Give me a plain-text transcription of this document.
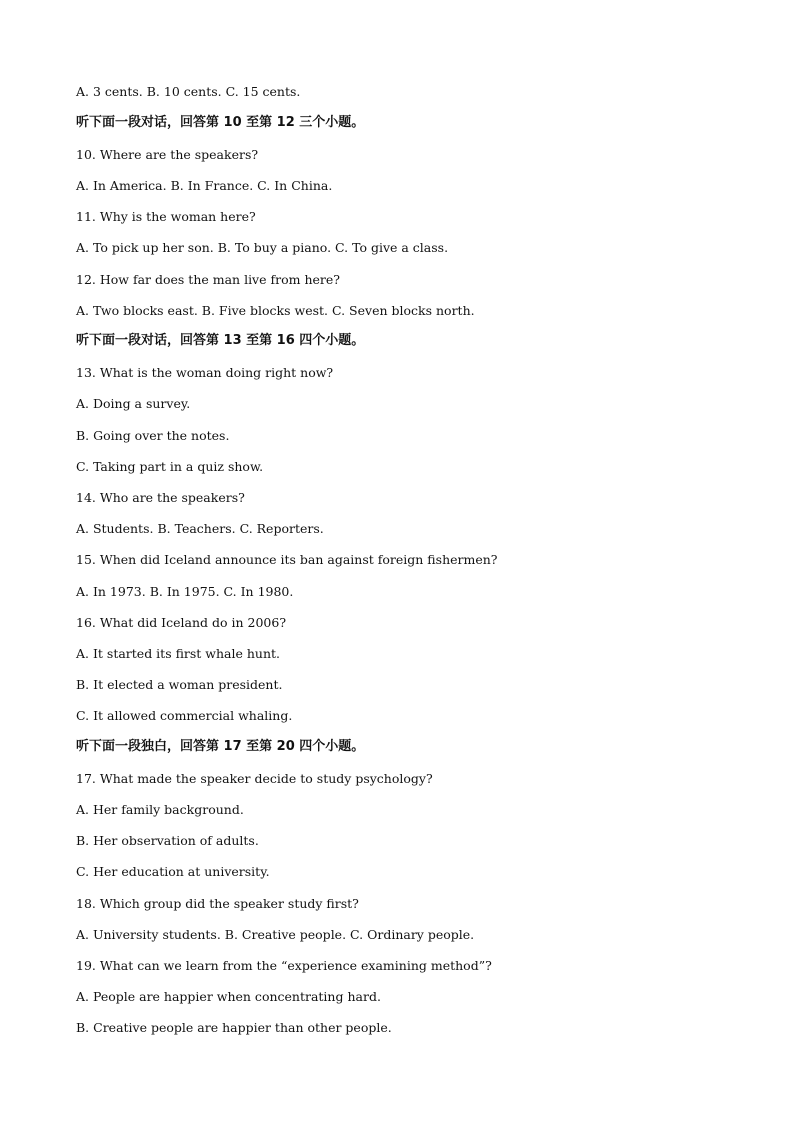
A. 3 cents. B. 10 cents. C. 15 cents.
听下面一段对话，回答第 10 至第 12 三个小题。
10. Where are the speakers?
A. In America. B. In France. C. In China.
11. Why is the woman here?
A. To pick up her son. B. To buy a piano. C. To give a class.
12. How far does the man live from here?
A. Two blocks east. B. Five blocks west. C. Seven blocks north.
听下面一段对话，回答第 13 至第 16 四个小题。
13. What is the woman doing right now?
A. Doing a survey.
B. Going over the notes.
C. Taking part in a quiz show.
14. Who are the speakers?
A. Students. B. Teachers. C. Reporters.
15. When did Iceland announce its ban against foreign fishermen?
A. In 1973. B. In 1975. C. In 1980.
16. What did Iceland do in 2006?
A. It started its first whale hunt.
B. It elected a woman president.
C. It allowed commercial whaling.
听下面一段独白，回答第 17 至第 20 四个小题。
17. What made the speaker decide to study psychology?
A. Her family background.
B. Her observation of adults.
C. Her education at university.
18. Which group did the speaker study first?
A. University students. B. Creative people. C. Ordinary people.
19. What can we learn from the “experience examining method”?
A. People are happier when concentrating hard.
B. Creative people are happier than other people.
